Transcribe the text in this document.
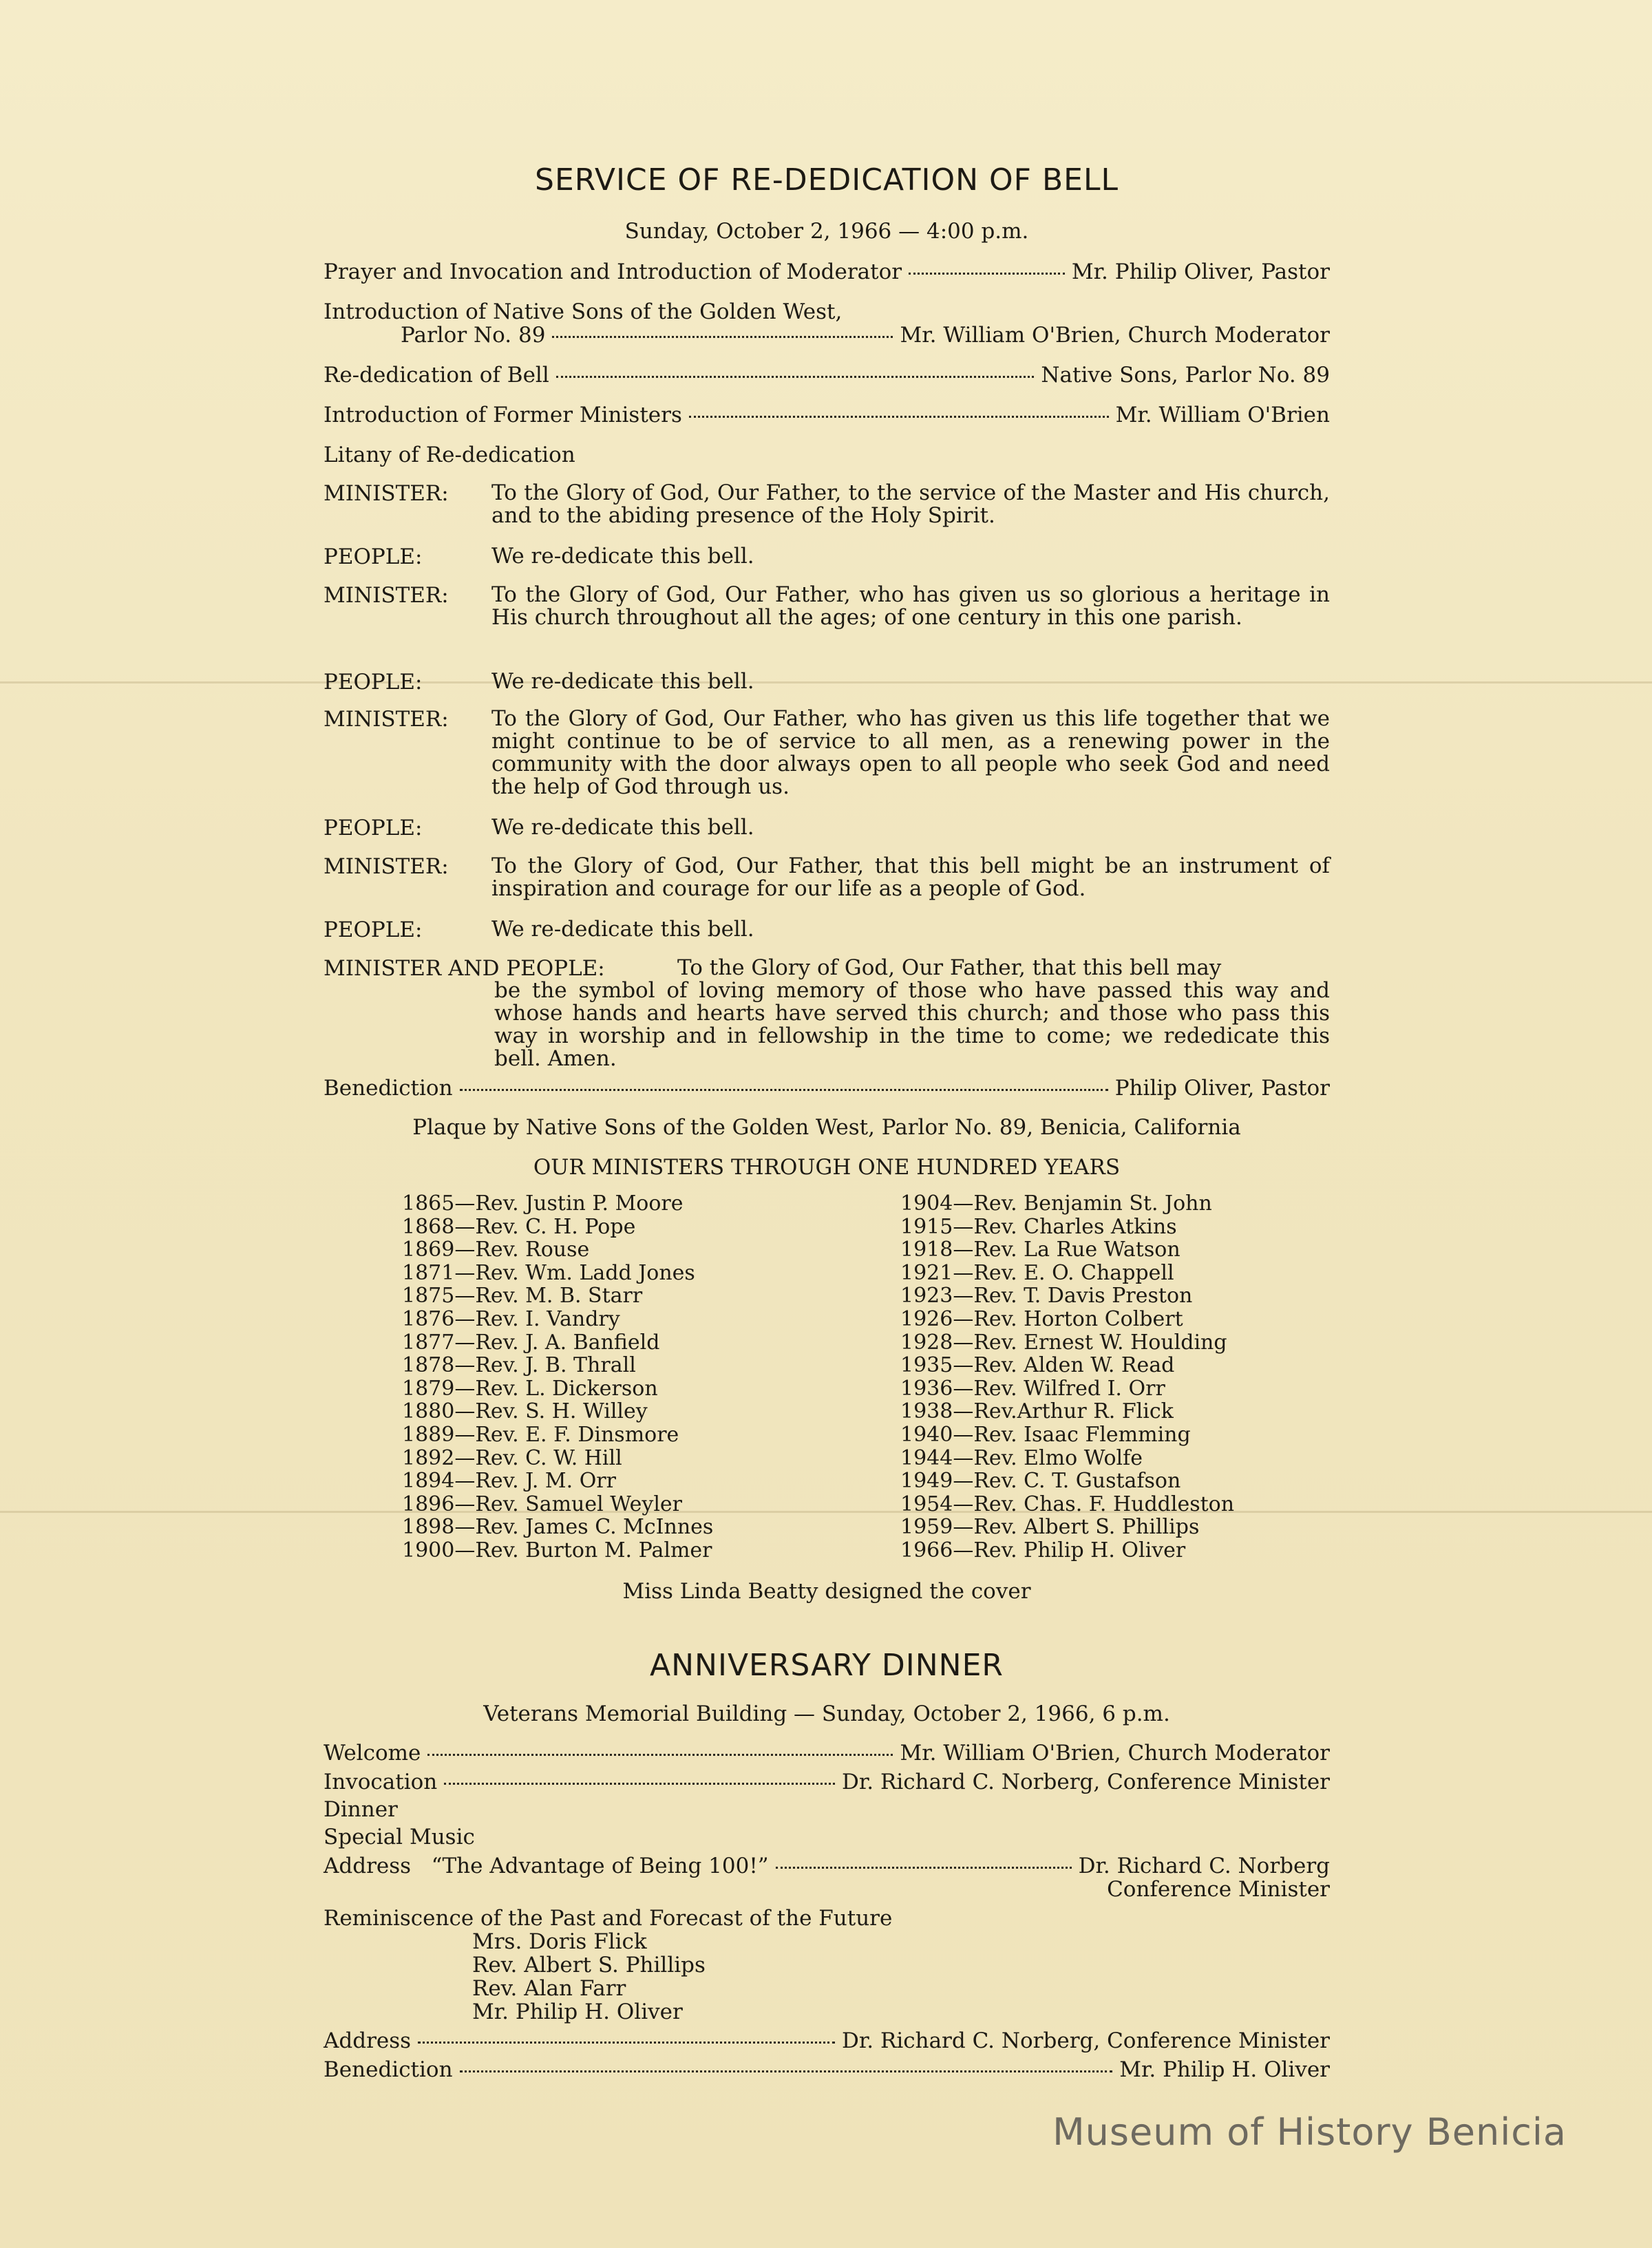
SERVICE OF RE-DEDICATION OF BELL
Sunday, October 2, 1966 — 4:00 p.m.
Prayer and Invocation and Introduction of Moderator	Mr. Philip Oliver, Pastor
Introduction of Native Sons of the Golden West,
Parlor No. 89	Mr. William O'Brien, Church Moderator
Re-dedication of Bell	Native Sons, Parlor No. 89
Introduction of Former Ministers	Mr. William O'Brien
Litany of Re-dedication
MINISTER: To the Glory of God, Our Father, to the service of the Master and His church, and to the abiding presence of the Holy Spirit.
PEOPLE:	We re-dedicate this bell.
MINISTER: To the Glory of God, Our Father, who has given us so glorious a heritage in His church throughout all the ages; of one century in this one parish.
PEOPLE:	We re-dedicate this bell.
MINISTER: To the Glory of God, Our Father, who has given us this life together that we might continue to be of service to all men, as a renewing power in the community with the door always open to all people who seek God and need the help of God through us.
PEOPLE:	We re-dedicate this bell.
MINISTER: To the Glory of God, Our Father, that this bell might be an instrument of inspiration and courage for our life as a people of God.
PEOPLE:	We re-dedicate this bell.
MINISTER AND PEOPLE:	To the Glory of God, Our Father, that this bell may
be the symbol of loving memory of those who have passed this way and whose hands and hearts have served this church; and those who pass this way in worship and in fellowship in the time to come; we rededicate this bell. Amen.
Benediction	Philip Oliver, Pastor
Plaque by Native Sons of the Golden West, Parlor No. 89, Benicia, California
OUR MINISTERS THROUGH ONE HUNDRED YEARS
1865—Rev. Justin P. Moore
1868—Rev. C. H. Pope
1869—Rev. Rouse
1871—Rev. Wm. Ladd Jones
1875—Rev. M. B. Starr
1876—Rev. I. Vandry
1877—Rev. J. A. Banfield
1878—Rev. J. B. Thrall
1879—Rev. L. Dickerson
1880—Rev. S. H. Willey
1889—Rev. E. F. Dinsmore
1892—Rev. C. W. Hill
1894—Rev. J. M. Orr
1896—Rev. Samuel Weyler
1898—Rev. James C. McInnes
1900—Rev. Burton M. Palmer
1904—Rev. Benjamin St. John
1915—Rev. Charles Atkins
1918—Rev. La Rue Watson
1921—Rev. E. O. Chappell
1923—Rev. T. Davis Preston
1926—Rev. Horton Colbert
1928—Rev. Ernest W. Houlding
1935—Rev. Alden W. Read
1936—Rev. Wilfred I. Orr
1938—Rev.Arthur R. Flick
1940—Rev. Isaac Flemming
1944—Rev. Elmo Wolfe
1949—Rev. C. T. Gustafson
1954—Rev. Chas. F. Huddleston
1959—Rev. Albert S. Phillips
1966—Rev. Philip H. Oliver
Miss Linda Beatty designed the cover
ANNIVERSARY DINNER
Veterans Memorial Building — Sunday, October 2, 1966, 6 p.m.
Welcome	Mr. William O'Brien, Church Moderator
Invocation	Dr. Richard C. Norberg, Conference Minister
Dinner
Special Music
Address   “The Advantage of Being 100!”	Dr. Richard C. Norberg
Conference Minister
Reminiscence of the Past and Forecast of the Future
Mrs. Doris Flick
Rev. Albert S. Phillips
Rev. Alan Farr
Mr. Philip H. Oliver
Address	Dr. Richard C. Norberg, Conference Minister
Benediction	Mr. Philip H. Oliver
Museum of History Benicia
